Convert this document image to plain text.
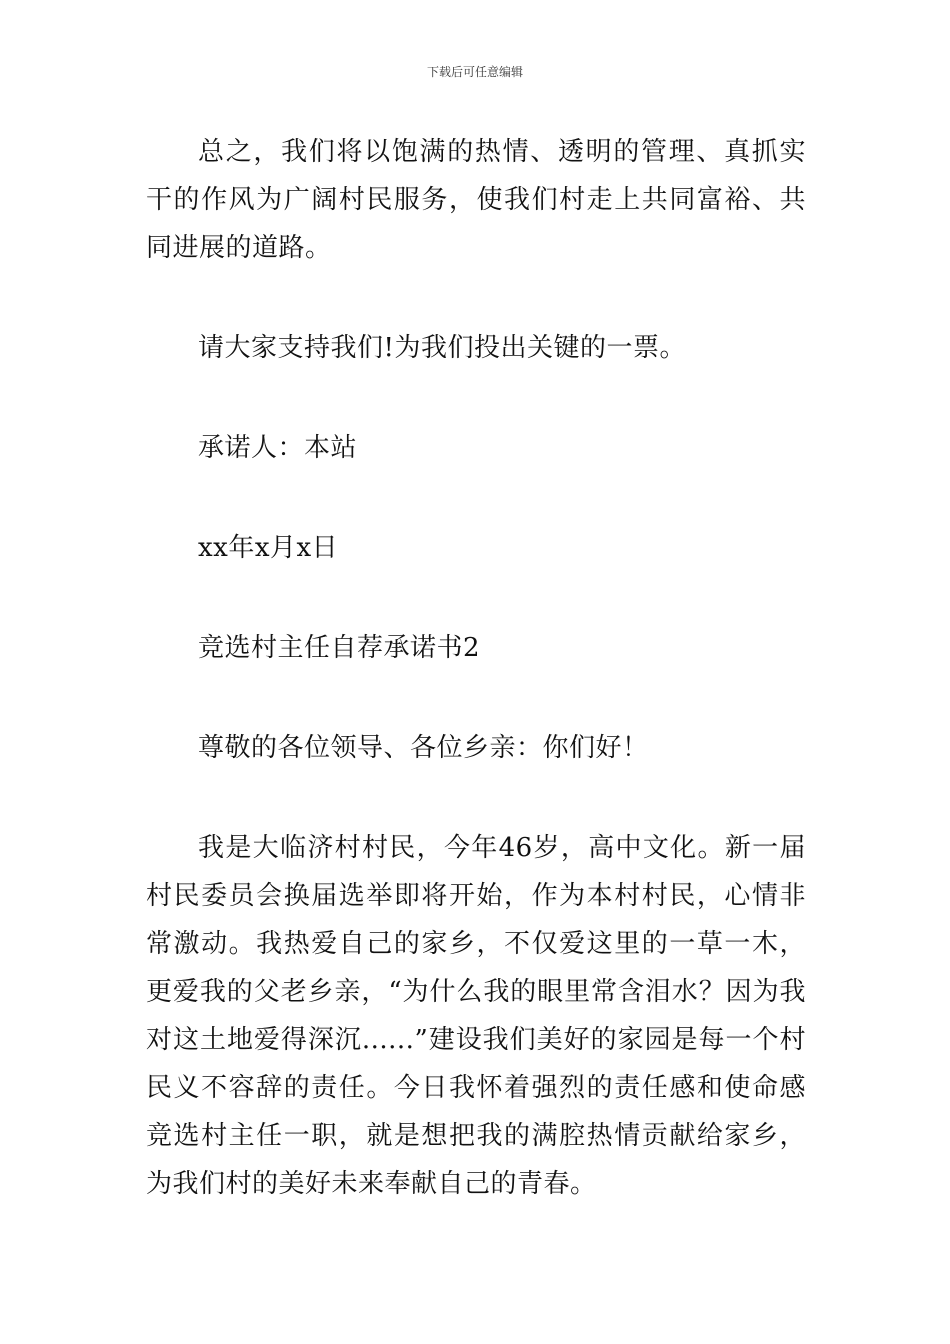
下载后可任意编辑

总之，我们将以饱满的热情、透明的管理、真抓实干的作风为广阔村民服务，使我们村走上共同富裕、共同进展的道路。

请大家支持我们!为我们投出关键的一票。

承诺人：本站

xx年x月x日

竞选村主任自荐承诺书2

尊敬的各位领导、各位乡亲：你们好！

我是大临济村村民，今年46岁，高中文化。新一届村民委员会换届选举即将开始，作为本村村民，心情非常激动。我热爱自己的家乡，不仅爱这里的一草一木，更爱我的父老乡亲，“为什么我的眼里常含泪水？因为我对这土地爱得深沉......”建设我们美好的家园是每一个村民义不容辞的责任。今日我怀着强烈的责任感和使命感竞选村主任一职，就是想把我的满腔热情贡献给家乡，为我们村的美好未来奉献自己的青春。
